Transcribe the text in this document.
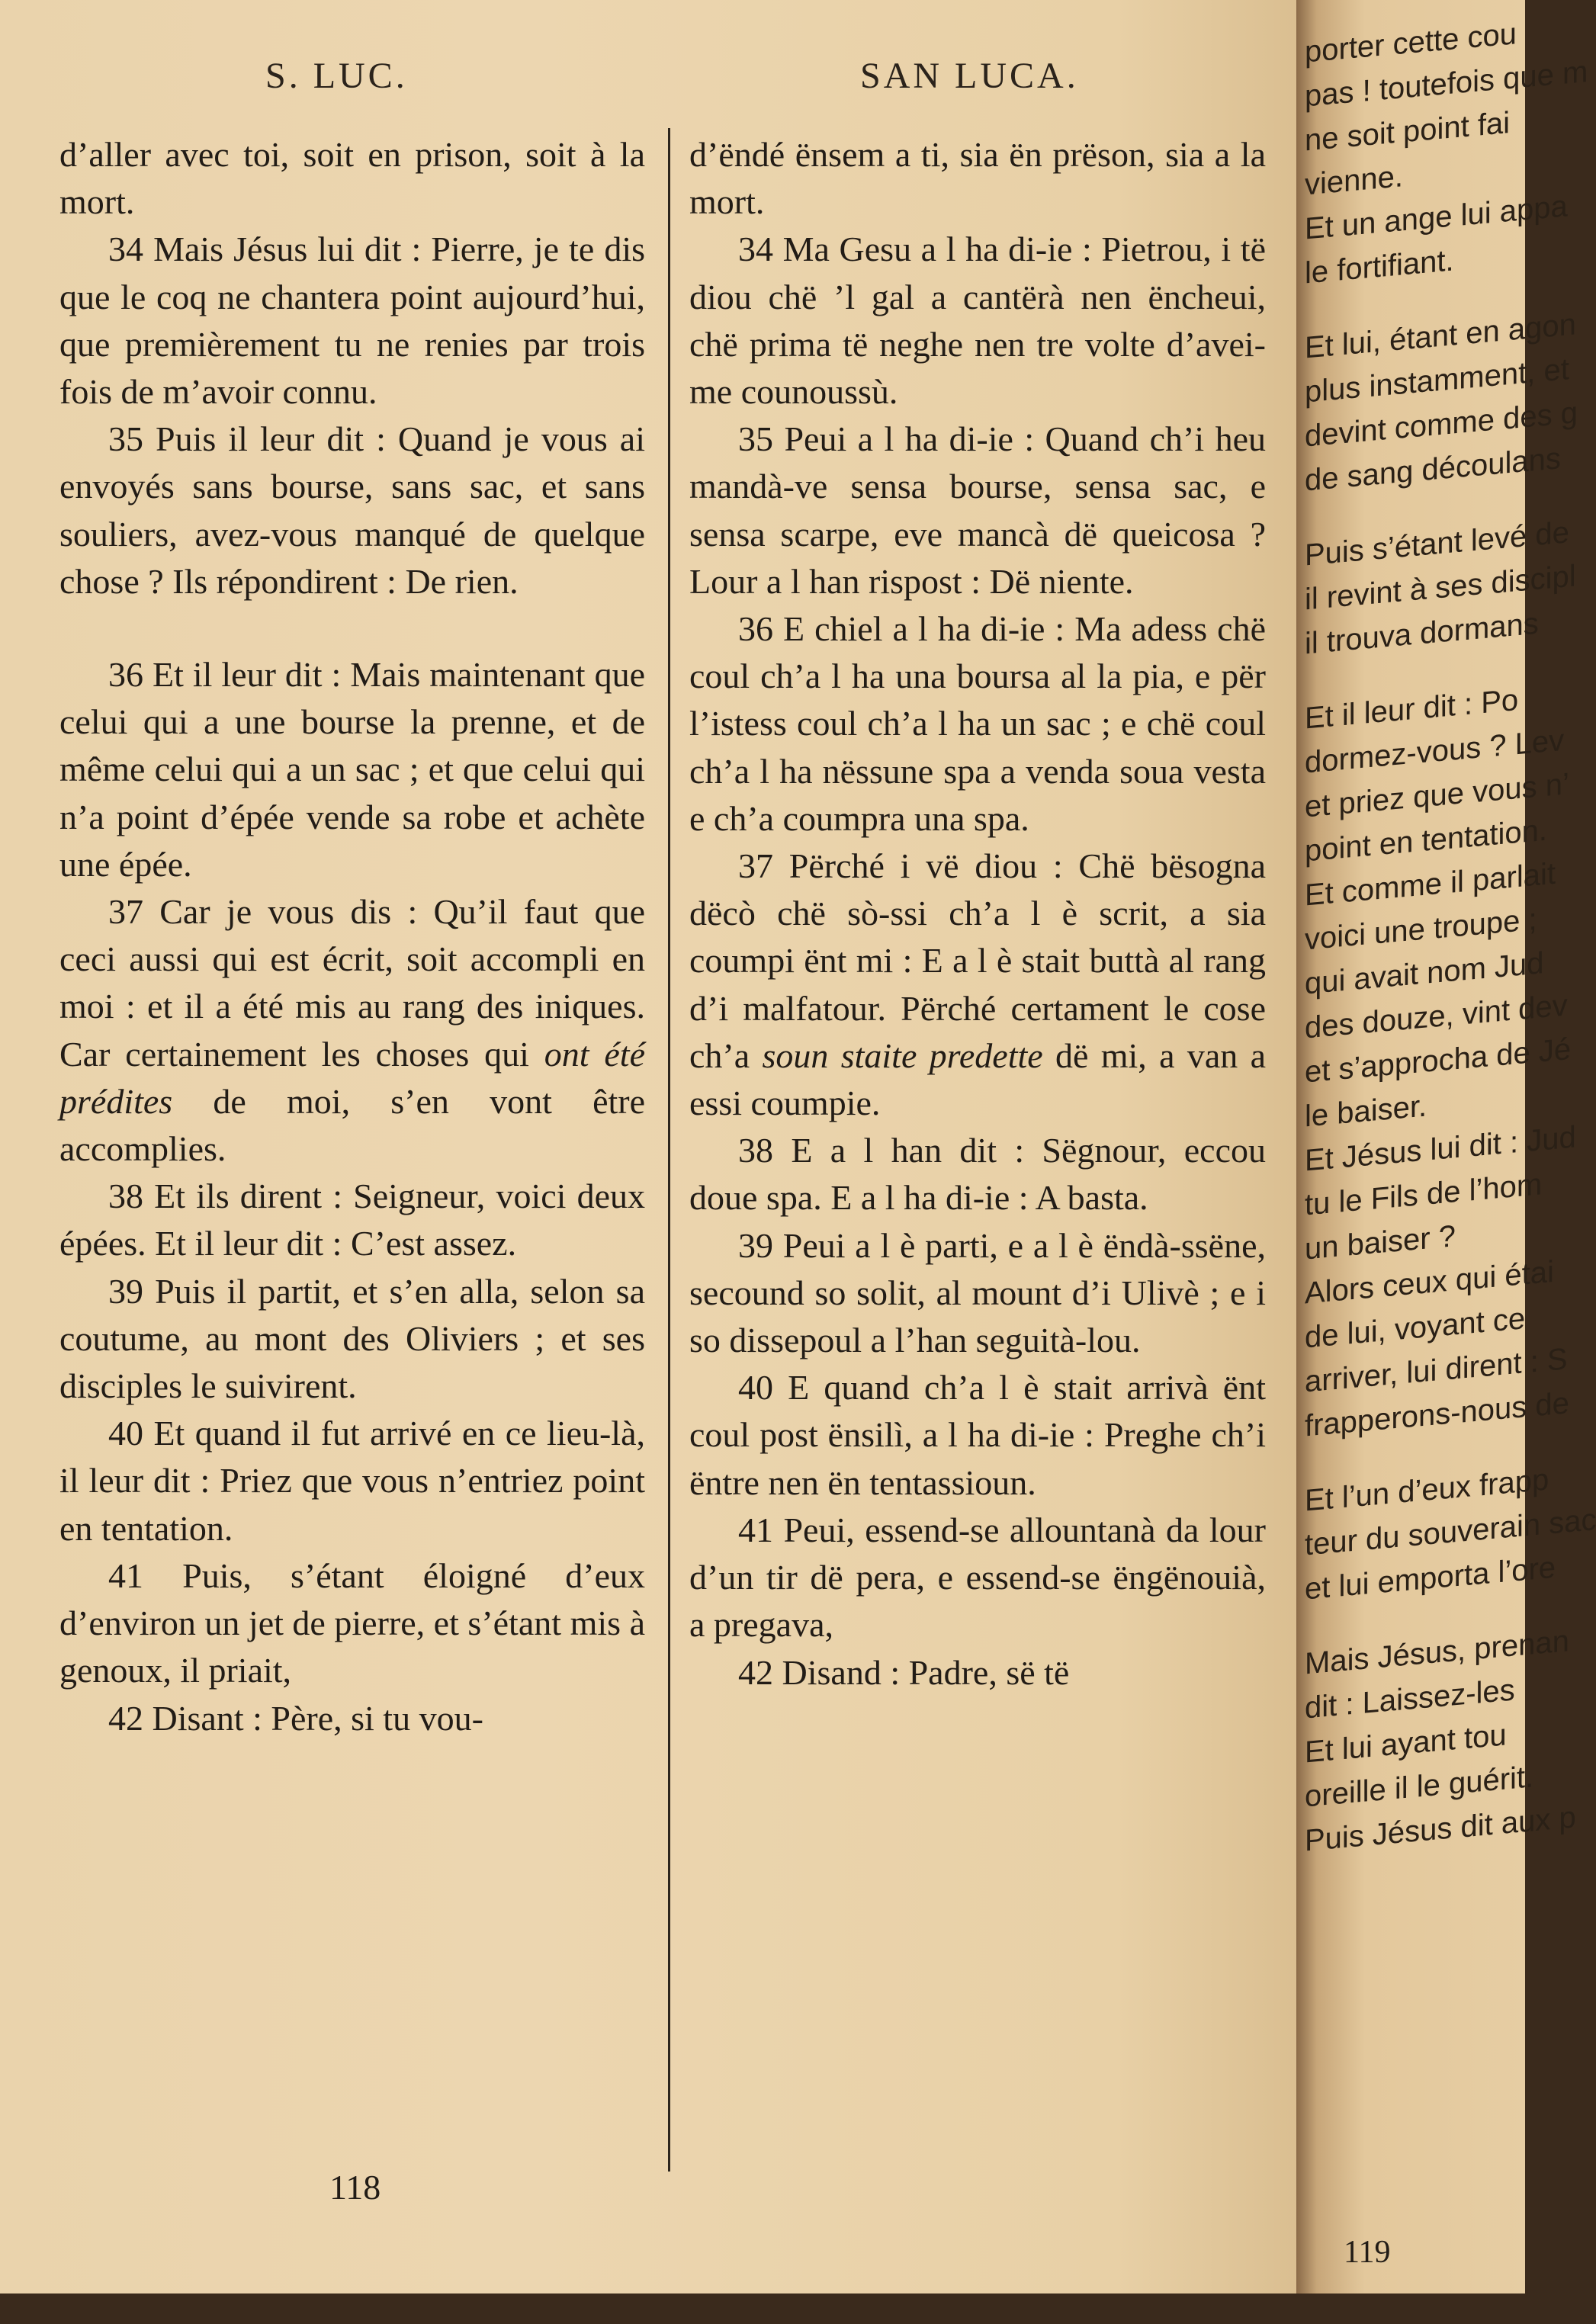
S. LUC.	SAN LUCA.

d’aller avec toi, soit en prison, soit à la mort.

34 Mais Jésus lui dit : Pierre, je te dis que le coq ne chantera point aujourd’hui, que premièrement tu ne renies par trois fois de m’avoir connu.

35 Puis il leur dit : Quand je vous ai envoyés sans bourse, sans sac, et sans souliers, avez-vous manqué de quelque chose ? Ils répondirent : De rien.

36 Et il leur dit : Mais maintenant que celui qui a une bourse la prenne, et de même celui qui a un sac ; et que celui qui n’a point d’épée vende sa robe et achète une épée.

37 Car je vous dis : Qu’il faut que ceci aussi qui est écrit, soit accompli en moi : et il a été mis au rang des iniques. Car certainement les choses qui ont été prédites de moi, s’en vont être accomplies.

38 Et ils dirent : Seigneur, voici deux épées. Et il leur dit : C’est assez.

39 Puis il partit, et s’en alla, selon sa coutume, au mont des Oliviers ; et ses disciples le suivirent.

40 Et quand il fut arrivé en ce lieu-là, il leur dit : Priez que vous n’entriez point en tentation.

41 Puis, s’étant éloigné d’eux d’environ un jet de pierre, et s’étant mis à genoux, il priait,

42 Disant : Père, si tu vou-

d’ëndé ënsem a ti, sia ën prëson, sia a la mort.

34 Ma Gesu a l ha di-ie : Pietrou, i të diou chë ’l gal a cantërà nen ëncheui, chë prima të neghe nen tre volte d’avei-me counoussù.

35 Peui a l ha di-ie : Quand ch’i heu mandà-ve sensa bourse, sensa sac, e sensa scarpe, eve mancà dë queicosa ? Lour a l han rispost : Dë niente.

36 E chiel a l ha di-ie : Ma adess chë coul ch’a l ha una boursa al la pia, e për l’istess coul ch’a l ha un sac ; e chë coul ch’a l ha nëssune spa a venda soua vesta e ch’a coumpra una spa.

37 Përché i vë diou : Chë bësogna dëcò chë sò-ssi ch’a l è scrit, a sia coumpi ënt mi : E a l è stait buttà al rang d’i malfatour. Përché certament le cose ch’a soun staite predette dë mi, a van a essi coumpie.

38 E a l han dit : Sëgnour, eccou doue spa. E a l ha di-ie : A basta.

39 Peui a l è parti, e a l è ëndà-ssëne, secound so solit, al mount d’i Ulivè ; e i so dissepoul a l’han seguità-lou.

40 E quand ch’a l è stait arrivà ënt coul post ënsilì, a l ha di-ie : Preghe ch’i ëntre nen ën tentassioun.

41 Peui, essend-se allountanà da lour d’un tir dë pera, e essend-se ëngënouià, a pregava,

42 Disand : Padre, së të

118
porter cette cou
pas ! toutefois que m
ne soit point fai
vienne.
Et un ange lui appa
le fortifiant.
Et lui, étant en agon
plus instamment, et
devint comme des g
de sang découlans
Puis s’étant levé de
il revint à ses discipl
il trouva dormans
Et il leur dit : Po
dormez-vous ? Lev
et priez que vous n’
point en tentation.
Et comme il parlait
voici une troupe ;
qui avait nom Jud
des douze, vint dev
et s’approcha de Jé
le baiser.
Et Jésus lui dit : Jud
tu le Fils de l’hom
un baiser ?
Alors ceux qui étai
de lui, voyant ce
arriver, lui dirent : S
frapperons-nous de
Et l’un d’eux frapp
teur du souverain sac
et lui emporta l’ore
Mais Jésus, prenan
dit : Laissez-les
Et lui ayant tou
oreille il le guérit.
Puis Jésus dit aux p
119
